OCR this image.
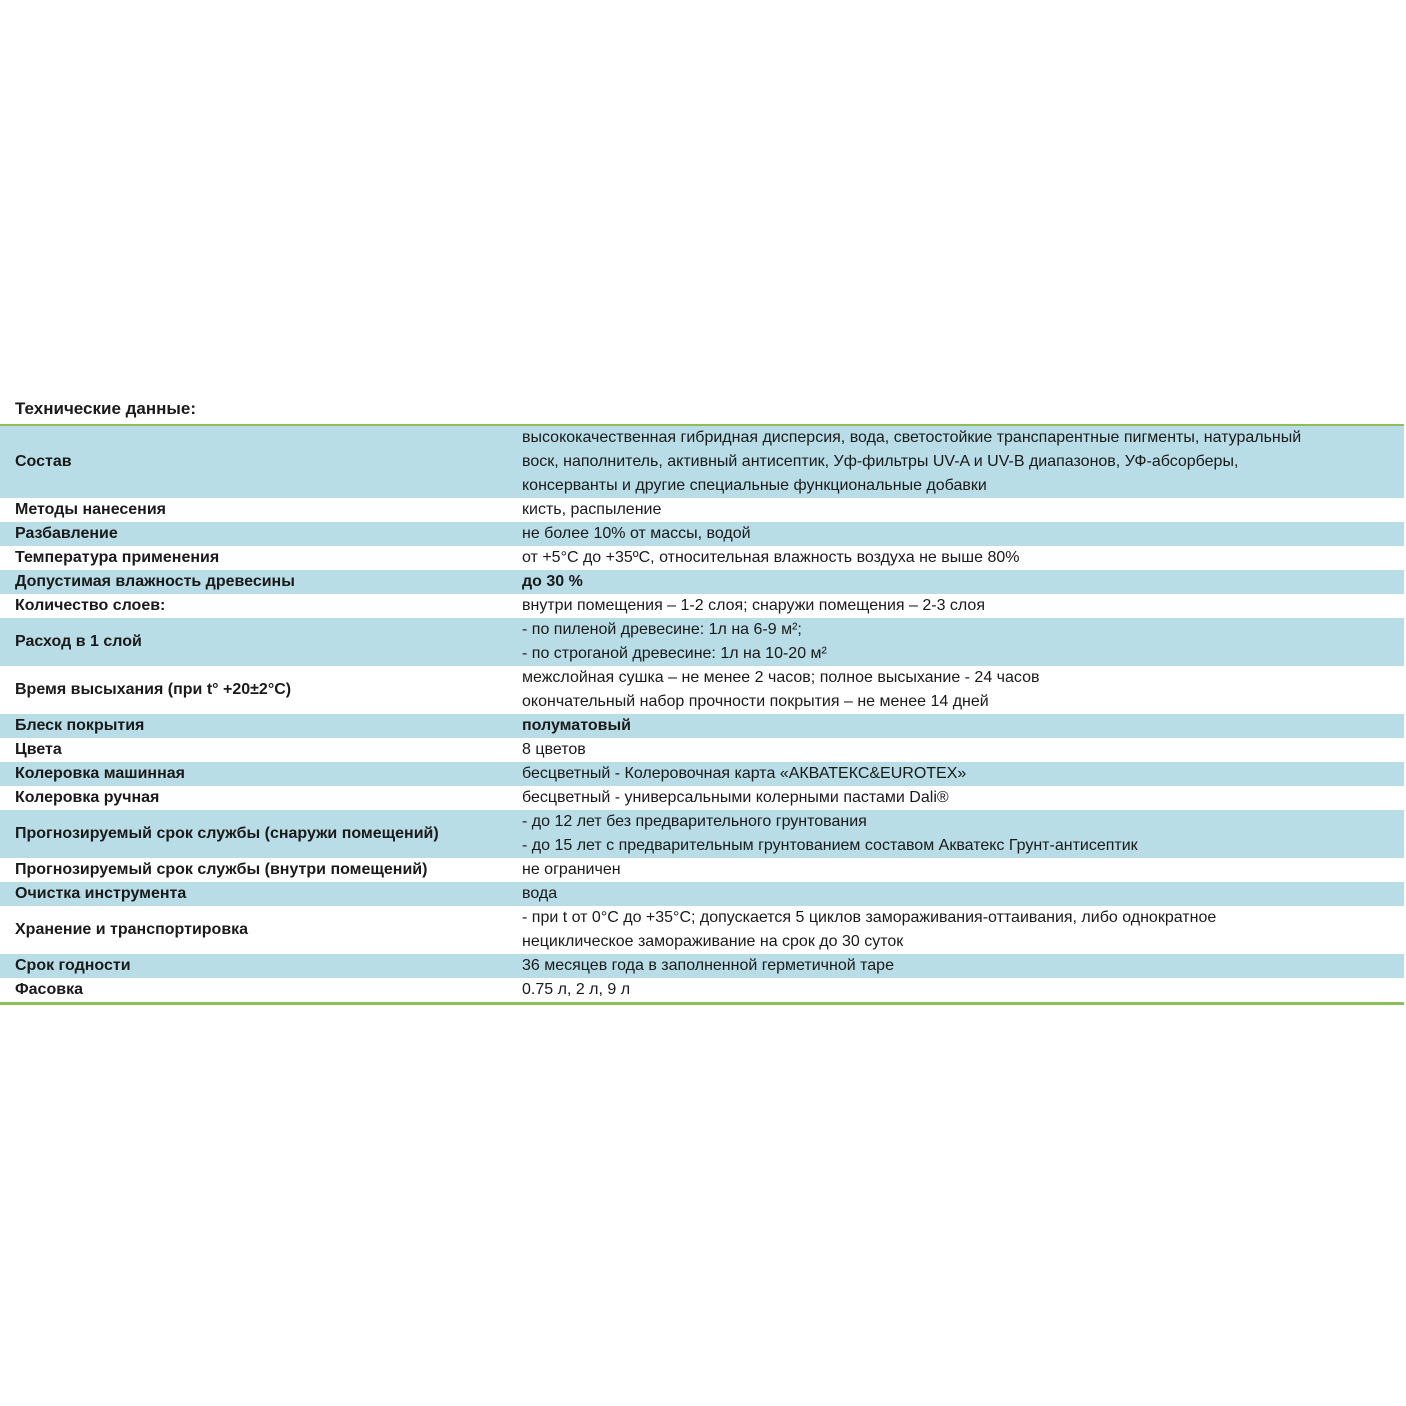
Технические данные:
Состав	высококачественная гибридная дисперсия, вода, светостойкие транспарентные пигменты, натуральный
воск, наполнитель, активный антисептик, Уф-фильтры UV-A и UV-B диапазонов, УФ-абсорберы,
консерванты и другие специальные функциональные добавки

Методы нанесения	кисть, распыление

Разбавление	не более 10% от массы, водой

Температура применения	от +5°C до +35ºC, относительная влажность воздуха не выше 80%

Допустимая влажность древесины	до 30 %

Количество слоев:	внутри помещения – 1-2 слоя; снаружи помещения – 2-3 слоя

Расход в 1 слой	- по пиленой древесине: 1л на 6-9 м²;
- по строганой древесине: 1л на 10-20 м²

Время высыхания (при t° +20±2°C)	межслойная сушка – не менее 2 часов; полное высыхание - 24 часов
окончательный набор прочности покрытия – не менее 14 дней

Блеск покрытия	полуматовый

Цвета	8 цветов

Колеровка машинная	бесцветный - Колеровочная карта «АКВАТЕКС&EUROTEX»

Колеровка ручная	бесцветный - универсальными колерными пастами Dali®

Прогнозируемый срок службы (снаружи помещений)	- до 12 лет без предварительного грунтования
- до 15 лет с предварительным грунтованием составом Акватекс Грунт-антисептик

Прогнозируемый срок службы (внутри помещений)	не ограничен

Очистка инструмента	вода

Хранение и транспортировка	- при t от 0°C до +35°C; допускается 5 циклов замораживания-оттаивания, либо однократное
нециклическое замораживание на срок до 30 суток

Срок годности	36 месяцев года в заполненной герметичной таре

Фасовка	0.75 л, 2 л, 9 л
